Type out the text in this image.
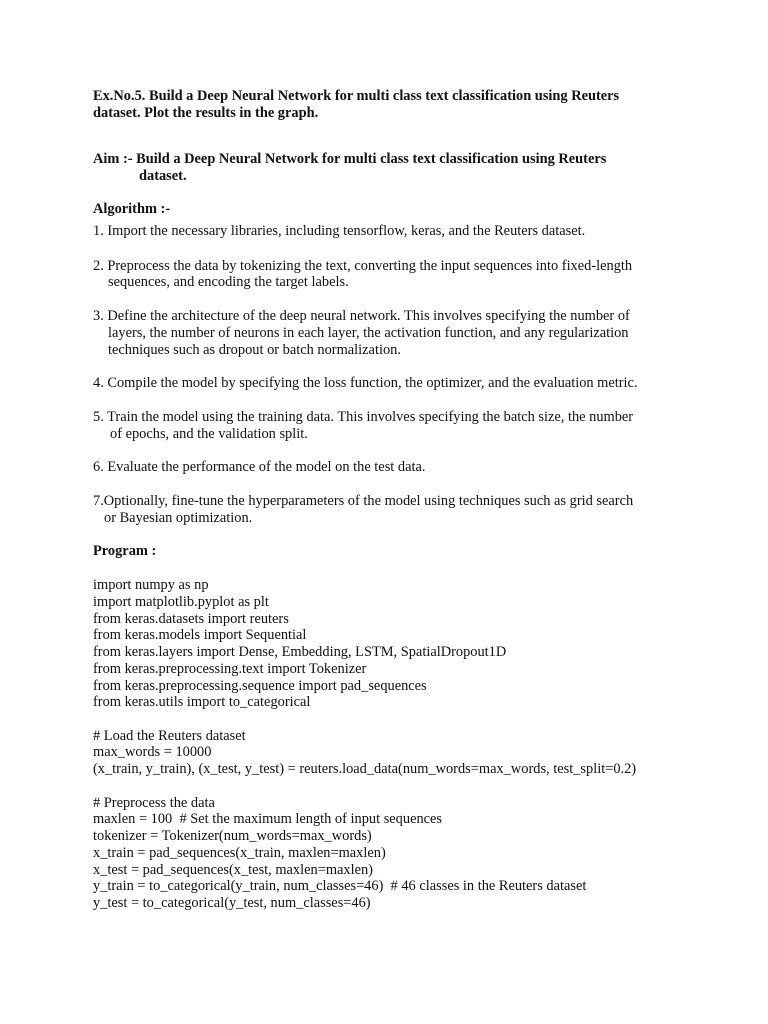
Ex.No.5. Build a Deep Neural Network for multi class text classification using Reuters
dataset. Plot the results in the graph.
Aim :- Build a Deep Neural Network for multi class text classification using Reuters
dataset.
Algorithm :-
1. Import the necessary libraries, including tensorflow, keras, and the Reuters dataset.
2. Preprocess the data by tokenizing the text, converting the input sequences into fixed-length
sequences, and encoding the target labels.
3. Define the architecture of the deep neural network. This involves specifying the number of
layers, the number of neurons in each layer, the activation function, and any regularization
techniques such as dropout or batch normalization.
4. Compile the model by specifying the loss function, the optimizer, and the evaluation metric.
5. Train the model using the training data. This involves specifying the batch size, the number
of epochs, and the validation split.
6. Evaluate the performance of the model on the test data.
7.Optionally, fine-tune the hyperparameters of the model using techniques such as grid search
or Bayesian optimization.
Program :
import numpy as np
import matplotlib.pyplot as plt
from keras.datasets import reuters
from keras.models import Sequential
from keras.layers import Dense, Embedding, LSTM, SpatialDropout1D
from keras.preprocessing.text import Tokenizer
from keras.preprocessing.sequence import pad_sequences
from keras.utils import to_categorical
# Load the Reuters dataset
max_words = 10000
(x_train, y_train), (x_test, y_test) = reuters.load_data(num_words=max_words, test_split=0.2)
# Preprocess the data
maxlen = 100  # Set the maximum length of input sequences
tokenizer = Tokenizer(num_words=max_words)
x_train = pad_sequences(x_train, maxlen=maxlen)
x_test = pad_sequences(x_test, maxlen=maxlen)
y_train = to_categorical(y_train, num_classes=46)  # 46 classes in the Reuters dataset
y_test = to_categorical(y_test, num_classes=46)
